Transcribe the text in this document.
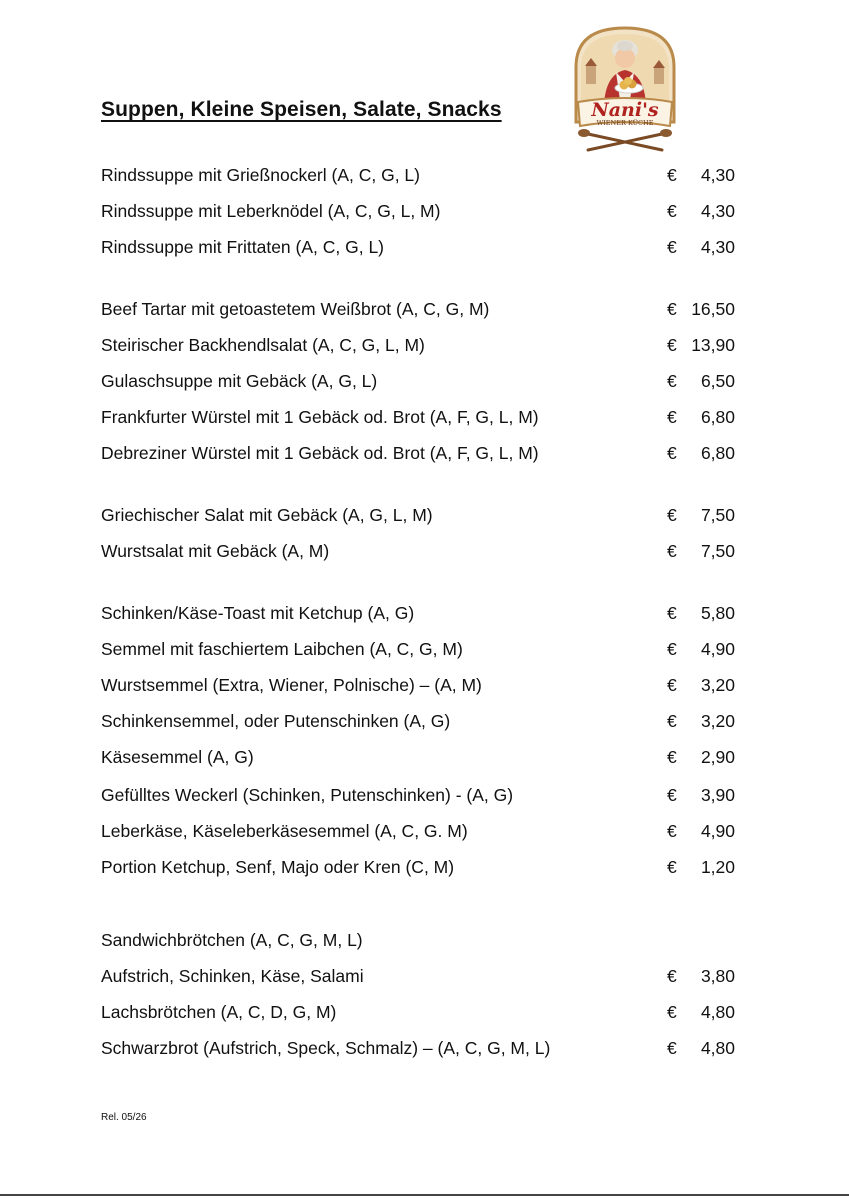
Suppen, Kleine Speisen, Salate, Snacks	Nani's
WIENER KÜCHE
Rindssuppe mit Grießnockerl (A, C, G, L)	€ 4,30
Rindssuppe mit Leberknödel (A, C, G, L, M)	€ 4,30
Rindssuppe mit Frittaten (A, C, G, L)	€ 4,30
Beef Tartar mit getoastetem Weißbrot (A, C, G, M)	€ 16,50
Steirischer Backhendlsalat (A, C, G, L, M)	€ 13,90
Gulaschsuppe mit Gebäck (A, G, L)	€ 6,50
Frankfurter Würstel mit 1 Gebäck od. Brot (A, F, G, L, M)	€ 6,80
Debreziner Würstel mit 1 Gebäck od. Brot (A, F, G, L, M)	€ 6,80
Griechischer Salat mit Gebäck (A, G, L, M)	€ 7,50
Wurstsalat mit Gebäck (A, M)	€ 7,50
Schinken/Käse-Toast mit Ketchup (A, G)	€ 5,80
Semmel mit faschiertem Laibchen (A, C, G, M)	€ 4,90
Wurstsemmel (Extra, Wiener, Polnische) – (A, M)	€ 3,20
Schinkensemmel, oder Putenschinken (A, G)	€ 3,20
Käsesemmel (A, G)	€ 2,90
Gefülltes Weckerl (Schinken, Putenschinken) - (A, G)	€ 3,90
Leberkäse, Käseleberkäsesemmel (A, C, G. M)	€ 4,90
Portion Ketchup, Senf, Majo oder Kren (C, M)	€ 1,20
Sandwichbrötchen (A, C, G, M, L)
Aufstrich, Schinken, Käse, Salami	€ 3,80
Lachsbrötchen (A, C, D, G, M)	€ 4,80
Schwarzbrot (Aufstrich, Speck, Schmalz) – (A, C, G, M, L)	€ 4,80
Rel. 05/26
